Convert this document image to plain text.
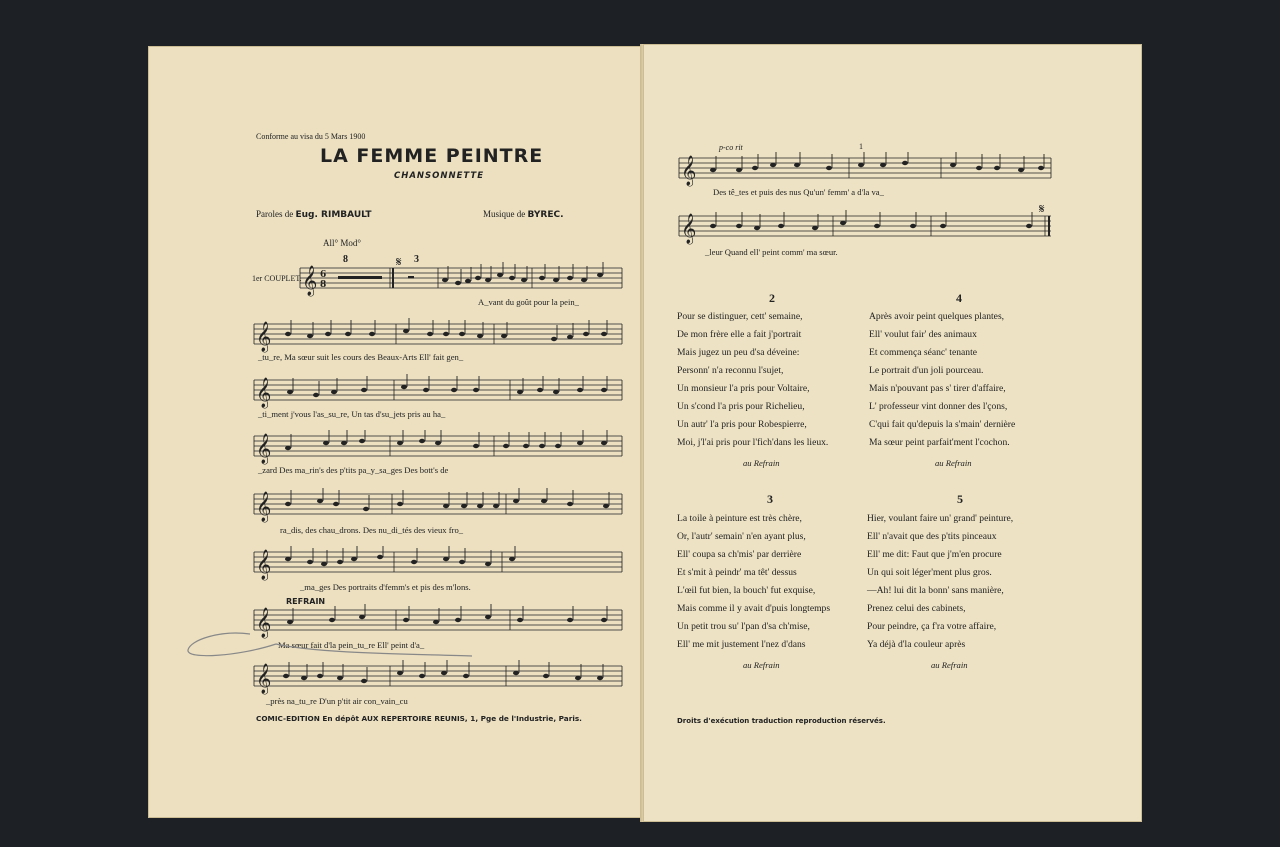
Conforme au visa du 5 Mars 1900
LA FEMME PEINTRE
CHANSONNETTE
Paroles de Eug. RIMBAULT	Musique de BYREC.
All° Mod°
8	3
1er COUPLET. 𝄞 6
8
𝄋
A_vant du goût pour la pein_
𝄞
_tu_re, Ma sœur suit les cours des Beaux-Arts Ell' fait gen_
𝄞
_ti_ment j'vous l'as_su_re, Un tas d'su_jets pris au ha_
𝄞
_zard Des ma_rin's des p'tits pa_y_sa_ges Des bott's de
𝄞
ra_dis, des chau_drons. Des nu_di_tés des vieux fro_
𝄞
_ma_ges Des portraits d'femm's et pis des m'lons.
REFRAIN
𝄞
Ma sœur fait d'la pein_tu_re Ell' peint d'a_
𝄞
_près na_tu_re D'un p'tit air con_vain_cu
COMIC-EDITION En dépôt AUX REPERTOIRE REUNIS, 1, Pge de l'Industrie, Paris.
p-co rit	1
𝄞
Des tê_tes et puis des nus Qu'un' femm' a d'la va_
𝄞
𝄋
_leur Quand ell' peint comm' ma sœur.
2
Pour se distinguer, cett' semaine,
De mon frère elle a fait j'portrait
Mais jugez un peu d'sa déveine:
Personn' n'a reconnu l'sujet,
Un monsieur l'a pris pour Voltaire,
Un s'cond l'a pris pour Richelieu,
Un autr' l'a pris pour Robespierre,
Moi, j'l'ai pris pour l'fich'dans les lieux.
au Refrain
4
Après avoir peint quelques plantes,
Ell' voulut fair' des animaux
Et commença séanc' tenante
Le portrait d'un joli pourceau.
Mais n'pouvant pas s' tirer d'affaire,
L' professeur vint donner des l'çons,
C'qui fait qu'depuis la s'main' dernière
Ma sœur peint parfait'ment l'cochon.
au Refrain
3
La toile à peinture est très chère,
Or, l'autr' semain' n'en ayant plus,
Ell' coupa sa ch'mis' par derrière
Et s'mit à peindr' ma têt' dessus
L'œil fut bien, la bouch' fut exquise,
Mais comme il y avait d'puis longtemps
Un petit trou su' l'pan d'sa ch'mise,
Ell' me mit justement l'nez d'dans
au Refrain
5
Hier, voulant faire un' grand' peinture,
Ell' n'avait que des p'tits pinceaux
Ell' me dit: Faut que j'm'en procure
Un qui soit léger'ment plus gros.
—Ah! lui dit la bonn' sans manière,
Prenez celui des cabinets,
Pour peindre, ça f'ra votre affaire,
Ya déjà d'la couleur après
au Refrain
Droits d'exécution traduction reproduction réservés.
